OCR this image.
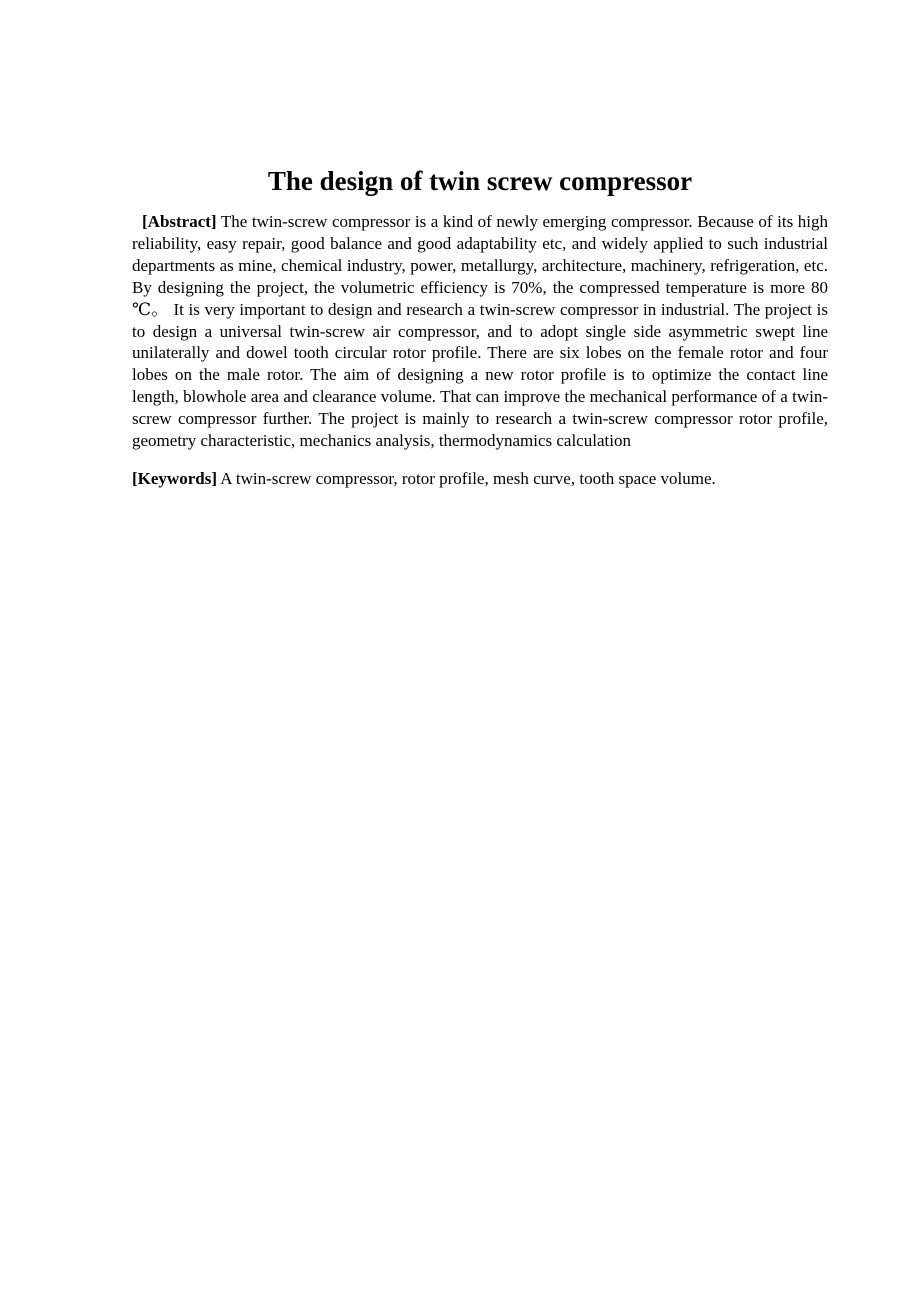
The design of twin screw compressor

[Abstract] The twin-screw compressor is a kind of newly emerging compressor. Because of its high reliability, easy repair, good balance and good adaptability etc, and widely applied to such industrial departments as mine, chemical industry, power, metallurgy, architecture, machinery, refrigeration, etc. By designing the project, the volumetric efficiency is 70%, the compressed temperature is more 80 ℃。 It is very important to design and research a twin-screw compressor in industrial. The project is to design a universal twin-screw air compressor, and to adopt single side asymmetric swept line unilaterally and dowel tooth circular rotor profile. There are six lobes on the female rotor and four lobes on the male rotor. The aim of designing a new rotor profile is to optimize the contact line length, blowhole area and clearance volume. That can improve the mechanical performance of a twin-screw compressor further. The project is mainly to research a twin-screw compressor rotor profile, geometry characteristic, mechanics analysis, thermodynamics calculation

[Keywords] A twin-screw compressor, rotor profile, mesh curve, tooth space volume.
